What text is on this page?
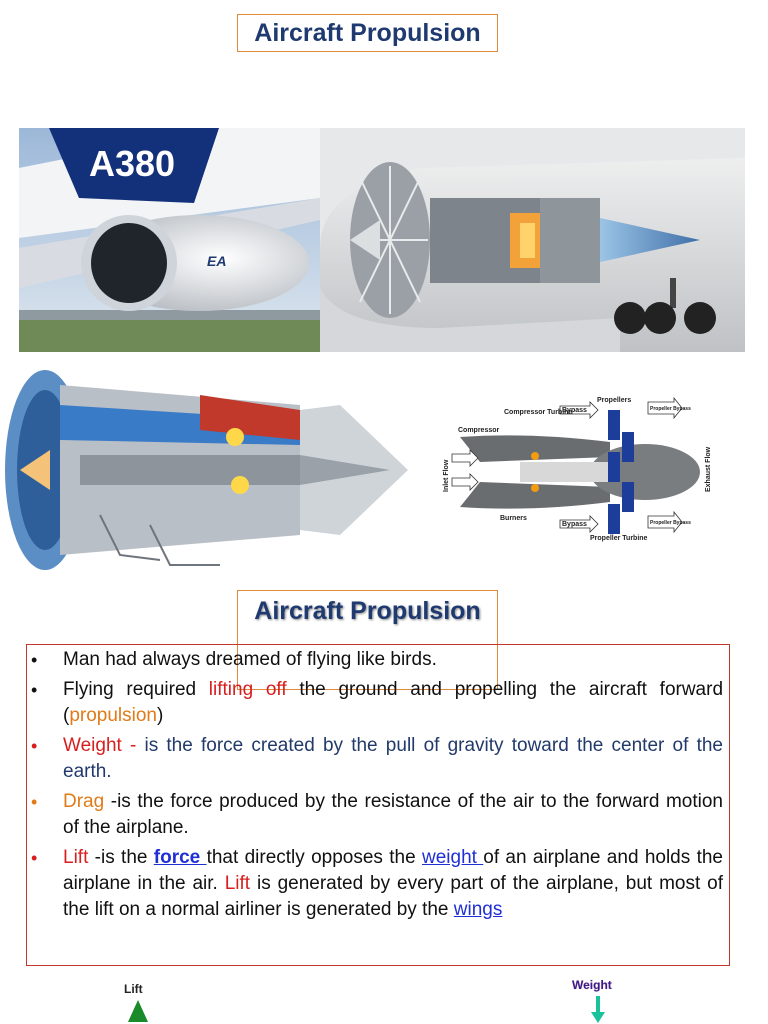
Aircraft Propulsion
A380
EA
Propellers
Compressor Turbine
Compressor
Bypass
Bypass
Propeller Bypass
Propeller Bypass
Inlet Flow	Exhaust Flow
Burners
Propeller Turbine
Aircraft Propulsion
• Man had always dreamed of flying like birds.
• Flying required lifting off the ground and propelling the aircraft forward (propulsion)
• Weight - is the force created by the pull of gravity toward the center of the earth.
• Drag -is the force produced by the resistance of the air to the forward motion of the airplane.
• Lift -is the force that directly opposes the weight of an airplane and holds the airplane in the air. Lift is generated by every part of the airplane, but most of the lift on a normal airliner is generated by the wings
Lift	Weight
